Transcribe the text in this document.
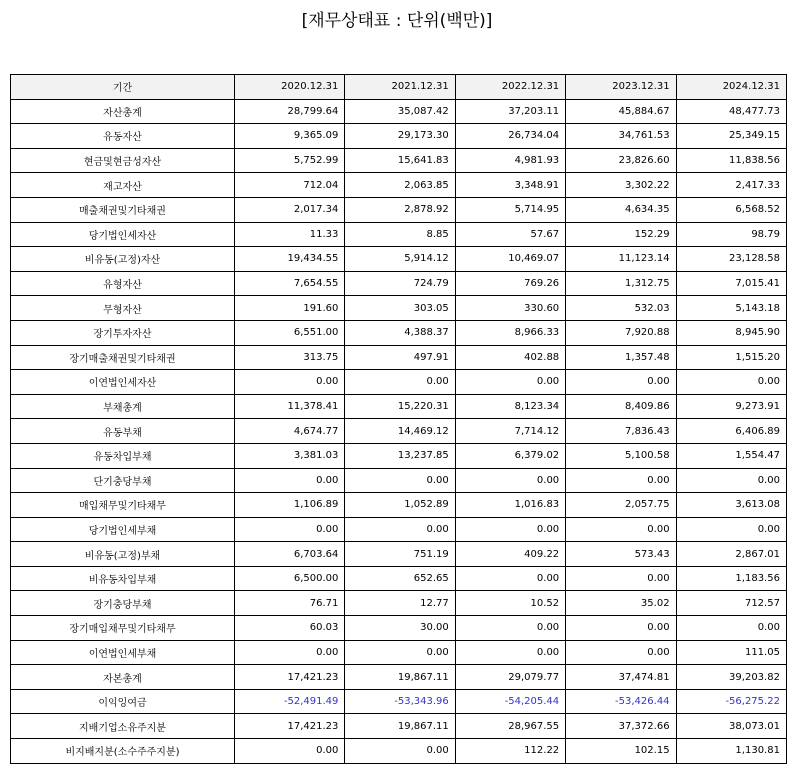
[재무상태표 : 단위(백만)]
기간	2020.12.31	2021.12.31	2022.12.31	2023.12.31	2024.12.31
자산총계	28,799.64	35,087.42	37,203.11	45,884.67	48,477.73
유동자산	9,365.09	29,173.30	26,734.04	34,761.53	25,349.15
현금및현금성자산	5,752.99	15,641.83	4,981.93	23,826.60	11,838.56
재고자산	712.04	2,063.85	3,348.91	3,302.22	2,417.33
매출채권및기타채권	2,017.34	2,878.92	5,714.95	4,634.35	6,568.52
당기법인세자산	11.33	8.85	57.67	152.29	98.79
비유동(고정)자산	19,434.55	5,914.12	10,469.07	11,123.14	23,128.58
유형자산	7,654.55	724.79	769.26	1,312.75	7,015.41
무형자산	191.60	303.05	330.60	532.03	5,143.18
장기투자자산	6,551.00	4,388.37	8,966.33	7,920.88	8,945.90
장기매출채권및기타채권	313.75	497.91	402.88	1,357.48	1,515.20
이연법인세자산	0.00	0.00	0.00	0.00	0.00
부채총계	11,378.41	15,220.31	8,123.34	8,409.86	9,273.91
유동부채	4,674.77	14,469.12	7,714.12	7,836.43	6,406.89
유동차입부채	3,381.03	13,237.85	6,379.02	5,100.58	1,554.47
단기충당부채	0.00	0.00	0.00	0.00	0.00
매입채무및기타채무	1,106.89	1,052.89	1,016.83	2,057.75	3,613.08
당기법인세부채	0.00	0.00	0.00	0.00	0.00
비유동(고정)부채	6,703.64	751.19	409.22	573.43	2,867.01
비유동차입부채	6,500.00	652.65	0.00	0.00	1,183.56
장기충당부채	76.71	12.77	10.52	35.02	712.57
장기매입채무및기타채무	60.03	30.00	0.00	0.00	0.00
이연법인세부채	0.00	0.00	0.00	0.00	111.05
자본총계	17,421.23	19,867.11	29,079.77	37,474.81	39,203.82
이익잉여금	-52,491.49	-53,343.96	-54,205.44	-53,426.44	-56,275.22
지배기업소유주지분	17,421.23	19,867.11	28,967.55	37,372.66	38,073.01
비지배지분(소수주주지분)	0.00	0.00	112.22	102.15	1,130.81
